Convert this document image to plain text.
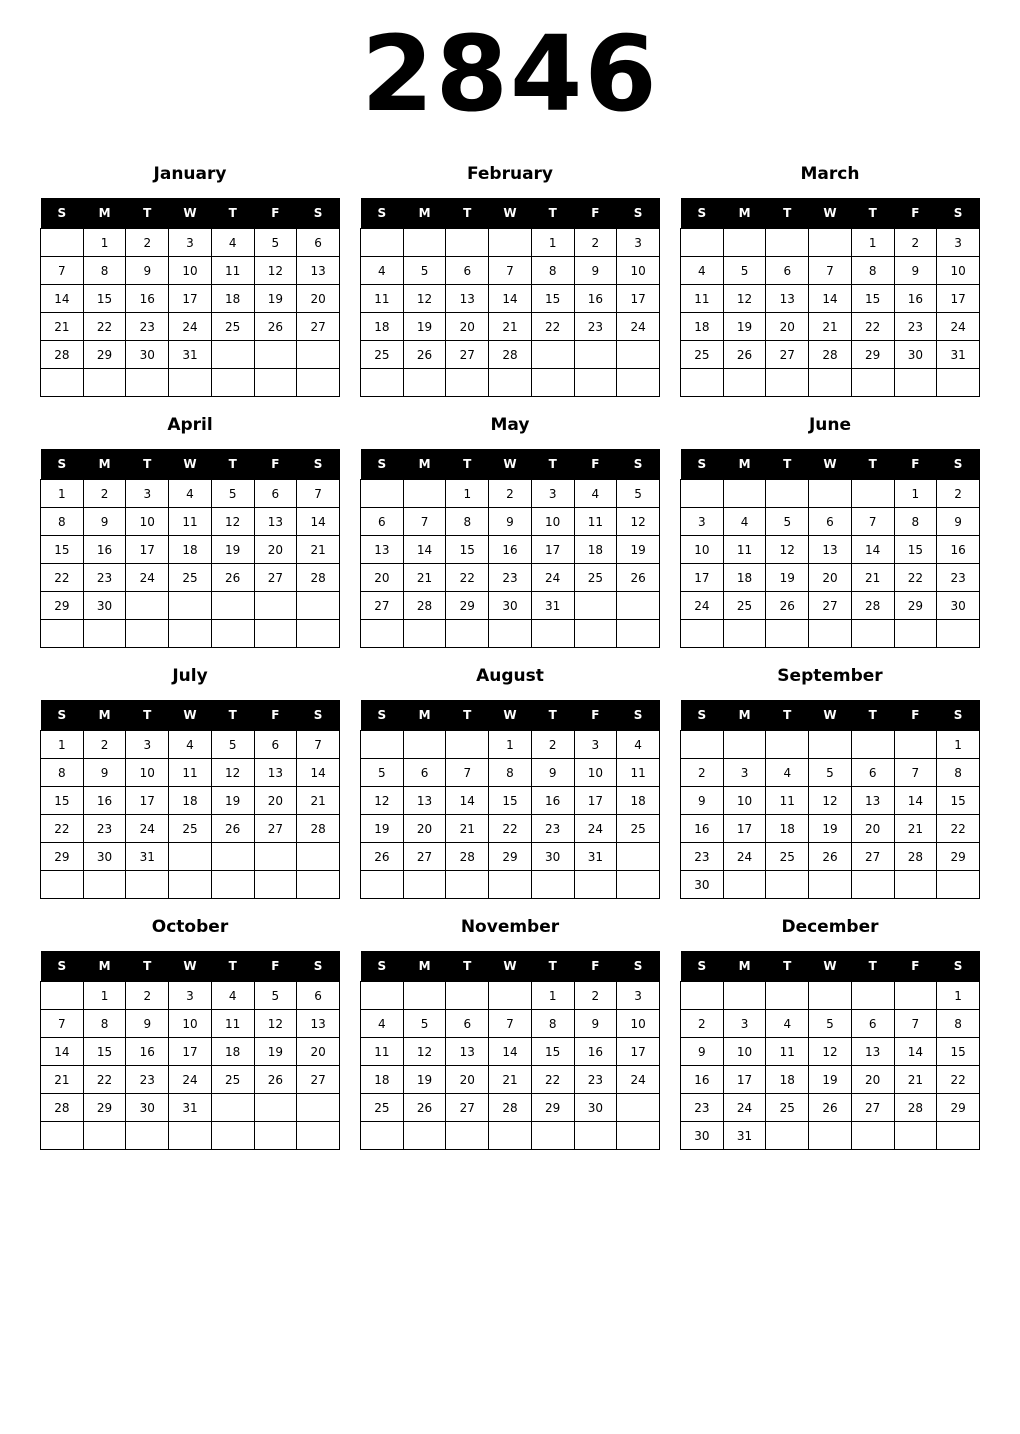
2846
January
S	M	T	W	T	F	S
	1	2	3	4	5	6
7	8	9	10	11	12	13
14	15	16	17	18	19	20
21	22	23	24	25	26	27
28	29	30	31			

February
S	M	T	W	T	F	S
				1	2	3
4	5	6	7	8	9	10
11	12	13	14	15	16	17
18	19	20	21	22	23	24
25	26	27	28			

March
S	M	T	W	T	F	S
				1	2	3
4	5	6	7	8	9	10
11	12	13	14	15	16	17
18	19	20	21	22	23	24
25	26	27	28	29	30	31

April
S	M	T	W	T	F	S
1	2	3	4	5	6	7
8	9	10	11	12	13	14
15	16	17	18	19	20	21
22	23	24	25	26	27	28
29	30					

May
S	M	T	W	T	F	S
		1	2	3	4	5
6	7	8	9	10	11	12
13	14	15	16	17	18	19
20	21	22	23	24	25	26
27	28	29	30	31		

June
S	M	T	W	T	F	S
					1	2
3	4	5	6	7	8	9
10	11	12	13	14	15	16
17	18	19	20	21	22	23
24	25	26	27	28	29	30

July
S	M	T	W	T	F	S
1	2	3	4	5	6	7
8	9	10	11	12	13	14
15	16	17	18	19	20	21
22	23	24	25	26	27	28
29	30	31				

August
S	M	T	W	T	F	S
			1	2	3	4
5	6	7	8	9	10	11
12	13	14	15	16	17	18
19	20	21	22	23	24	25
26	27	28	29	30	31	

September
S	M	T	W	T	F	S
						1
2	3	4	5	6	7	8
9	10	11	12	13	14	15
16	17	18	19	20	21	22
23	24	25	26	27	28	29
30						
October
S	M	T	W	T	F	S
	1	2	3	4	5	6
7	8	9	10	11	12	13
14	15	16	17	18	19	20
21	22	23	24	25	26	27
28	29	30	31			

November
S	M	T	W	T	F	S
				1	2	3
4	5	6	7	8	9	10
11	12	13	14	15	16	17
18	19	20	21	22	23	24
25	26	27	28	29	30	

December
S	M	T	W	T	F	S
						1
2	3	4	5	6	7	8
9	10	11	12	13	14	15
16	17	18	19	20	21	22
23	24	25	26	27	28	29
30	31					
